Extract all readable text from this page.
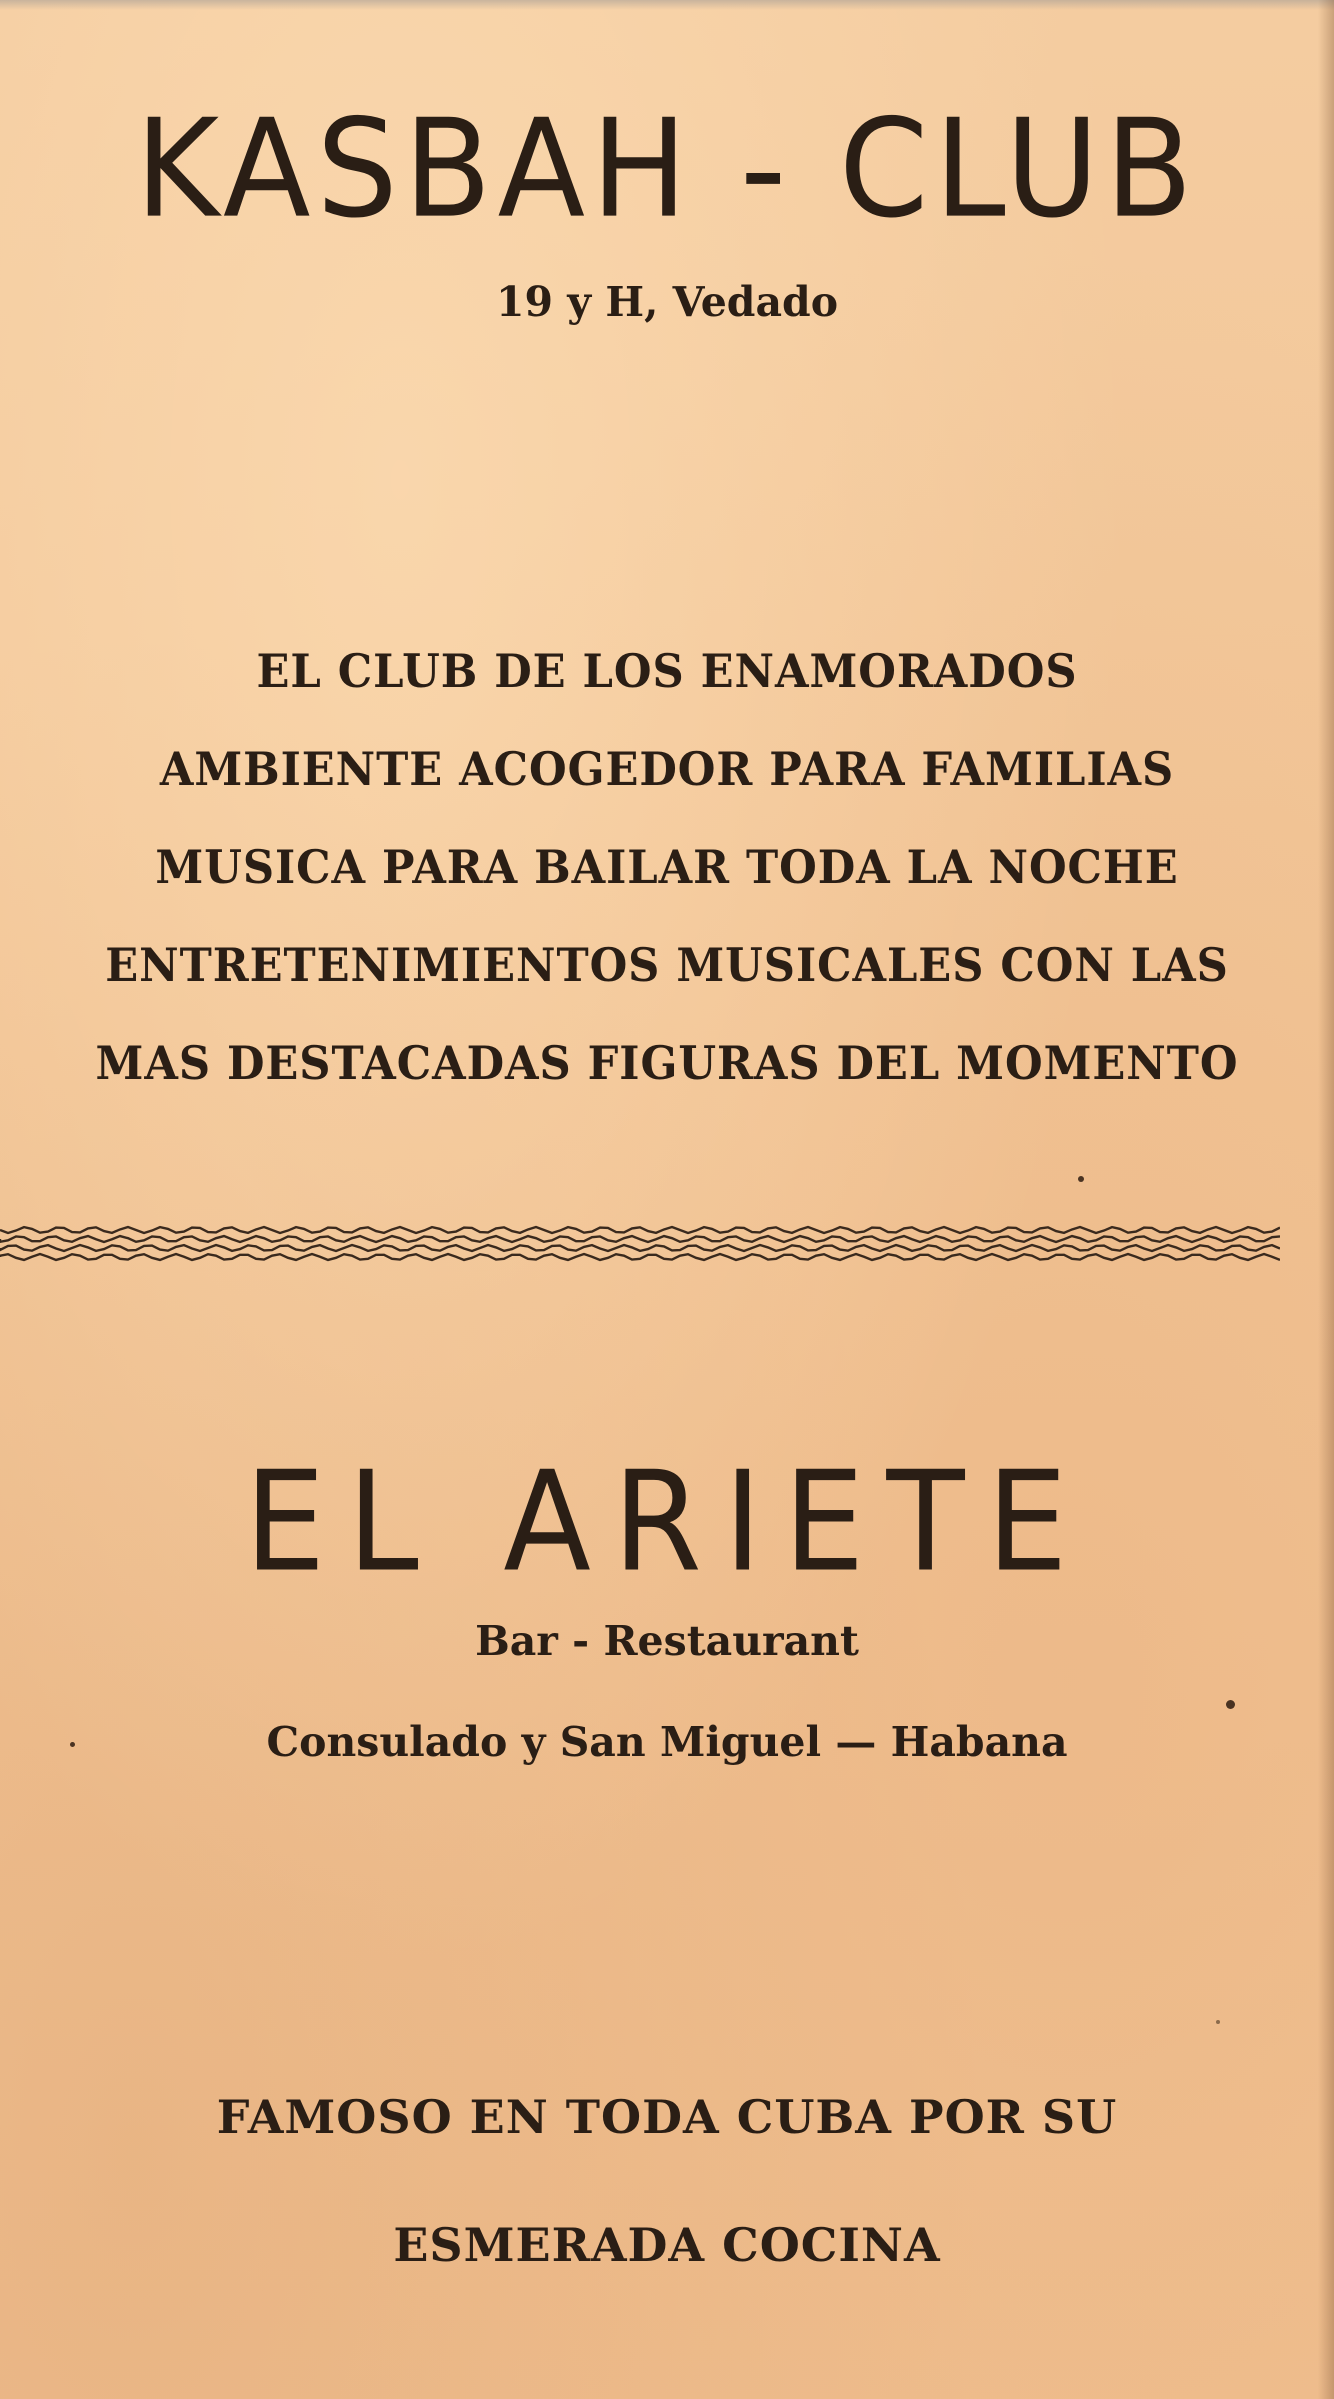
KASBAH - CLUB
19 y H, Vedado
EL CLUB DE LOS ENAMORADOS
AMBIENTE ACOGEDOR PARA FAMILIAS
MUSICA PARA BAILAR TODA LA NOCHE
ENTRETENIMIENTOS MUSICALES CON LAS
MAS DESTACADAS FIGURAS DEL MOMENTO
EL ARIETE
Bar - Restaurant
Consulado y San Miguel — Habana
FAMOSO EN TODA CUBA POR SU
ESMERADA COCINA
